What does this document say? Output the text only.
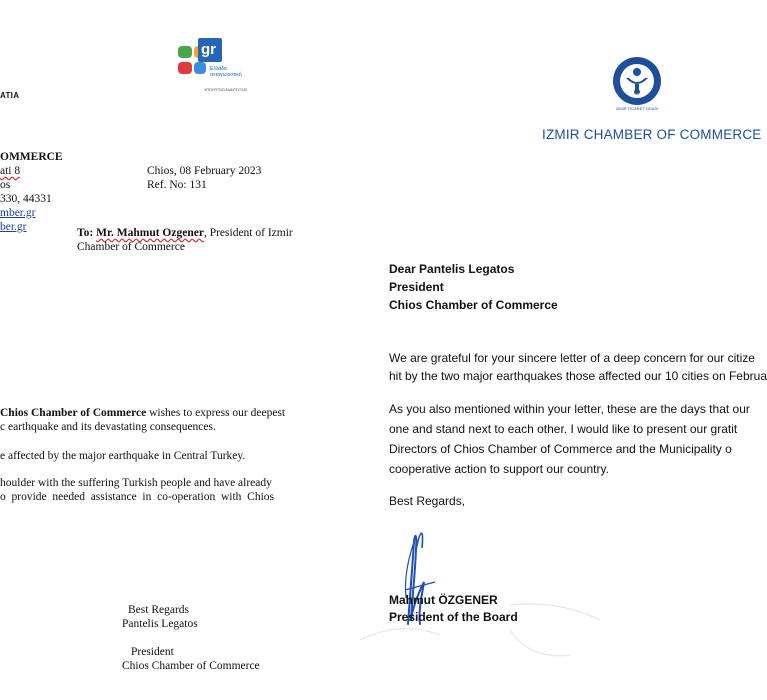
gr
Ελλάδα
ανταγωνιστική
ΥΠΟΥΡΓΕΙΟ ΑΝΑΠΤΥΞΗΣ
ATIA
OMMERCE
ati 8
os
330, 44331
mber.gr
ber.gr
Chios, 08 February 2023
Ref. No: 131
To: Mr. Mahmut Ozgener, President of Izmir
Chamber of Commerce
Chios Chamber of Commerce wishes to express our deepest
c earthquake and its devastating consequences.
e affected by the major earthquake in Central Turkey.
houlder with the suffering Turkish people and have already
o  provide  needed  assistance  in  co-operation  with  Chios
Best Regards
Pantelis Legatos
President
Chios Chamber of Commerce
1885
İZMİR TİCARET ODASI
IZMIR CHAMBER OF COMMERCE
Dear Pantelis Legatos
President
Chios Chamber of Commerce
We are grateful for your sincere letter of a deep concern for our citize
hit by the two major earthquakes those affected our 10 cities on Februa
As you also mentioned within your letter, these are the days that our
one and stand next to each other. I would like to present our gratit
Directors of Chios Chamber of Commerce and the Municipality o
cooperative action to support our country.
Best Regards,
Mahmut ÖZGENER
President of the Board
